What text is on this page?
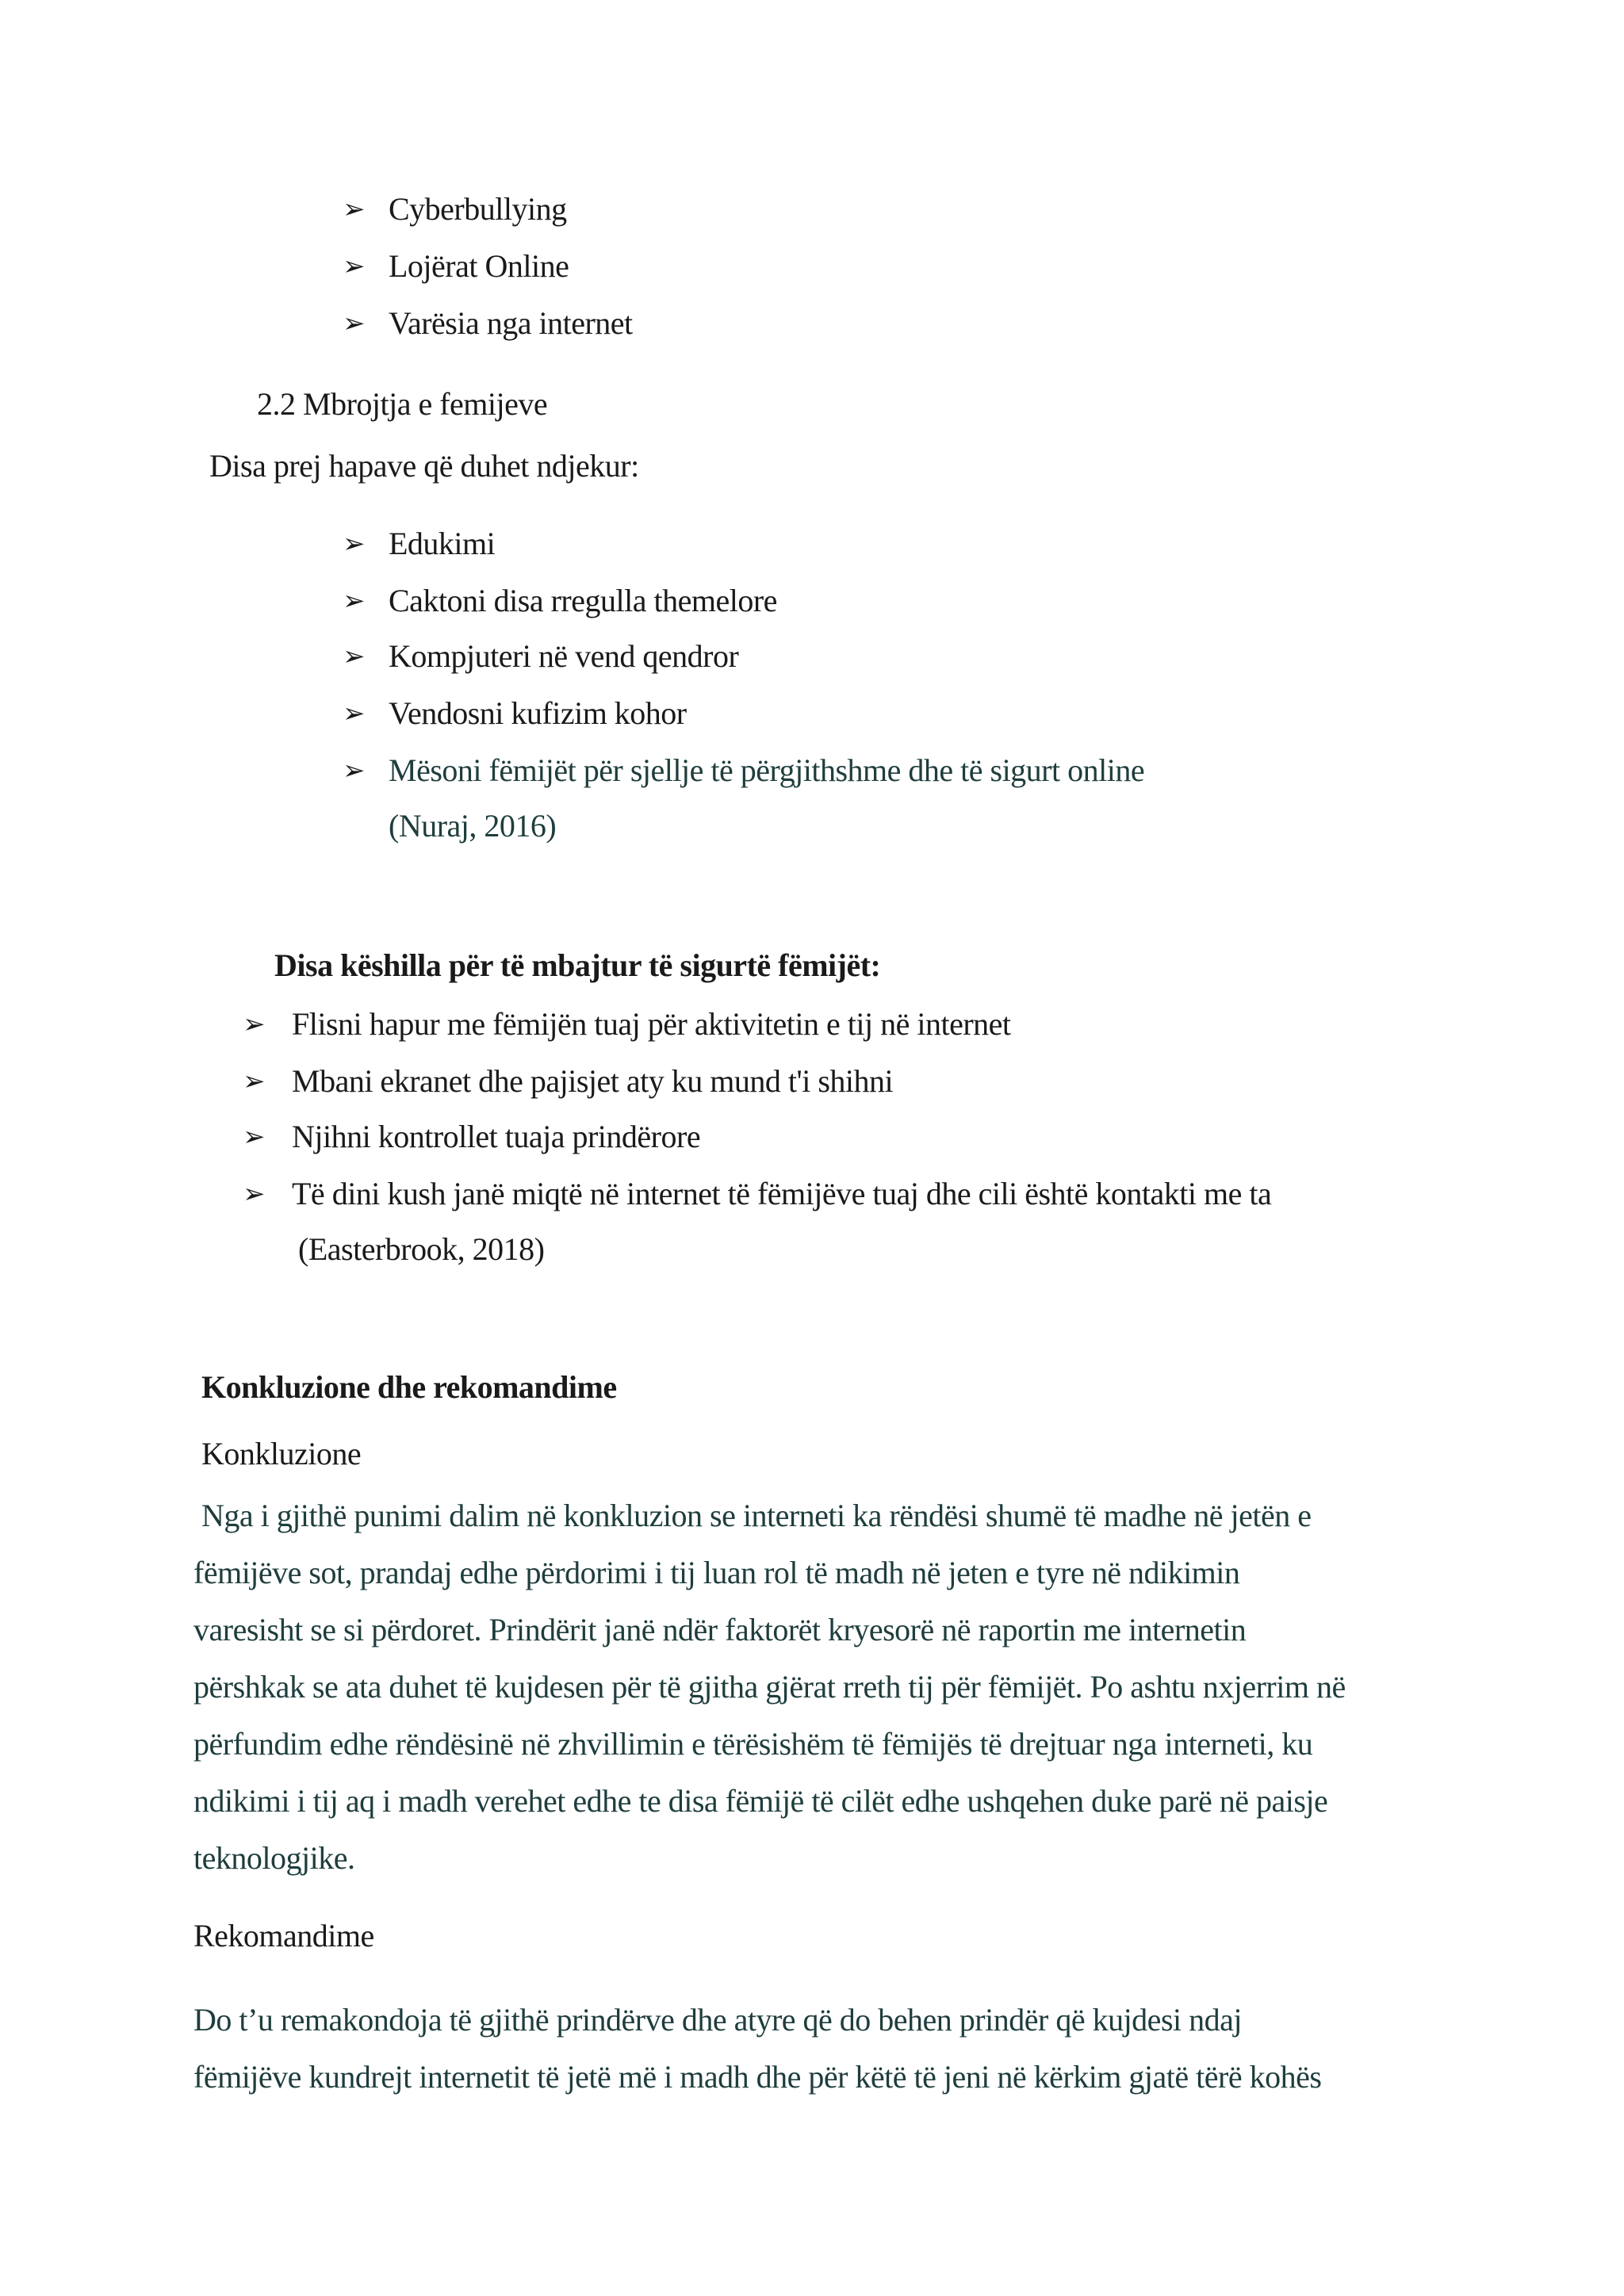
➢ Cyberbullying
➢ Lojërat Online
➢ Varësia nga internet
2.2 Mbrojtja e femijeve
Disa prej hapave që duhet ndjekur:
➢ Edukimi
➢ Caktoni disa rregulla themelore
➢ Kompjuteri në vend qendror
➢ Vendosni kufizim kohor
➢ Mësoni fëmijët për sjellje të përgjithshme dhe të sigurt online
(Nuraj, 2016)
Disa këshilla për të mbajtur të sigurtë fëmijët:
➢ Flisni hapur me fëmijën tuaj për aktivitetin e tij në internet
➢ Mbani ekranet dhe pajisjet aty ku mund t'i shihni
➢ Njihni kontrollet tuaja prindërore
➢ Të dini kush janë miqtë në internet të fëmijëve tuaj dhe cili është kontakti me ta
(Easterbrook, 2018)
Konkluzione dhe rekomandime
Konkluzione
Nga i gjithë punimi dalim në konkluzion se interneti ka rëndësi shumë të madhe në jetën e
fëmijëve sot, prandaj edhe përdorimi i tij luan rol të madh në jeten e tyre në ndikimin
varesisht se si përdoret. Prindërit janë ndër faktorët kryesorë në raportin me internetin
përshkak se ata duhet të kujdesen për të gjitha gjërat rreth tij për fëmijët. Po ashtu nxjerrim në
përfundim edhe rëndësinë në zhvillimin e tërësishëm të fëmijës të drejtuar nga interneti, ku
ndikimi i tij aq i madh verehet edhe te disa fëmijë të cilët edhe ushqehen duke parë në paisje
teknologjike.
Rekomandime
Do t’u remakondoja të gjithë prindërve dhe atyre që do behen prindër që kujdesi ndaj
fëmijëve kundrejt internetit të jetë më i madh dhe për këtë të jeni në kërkim gjatë tërë kohës
